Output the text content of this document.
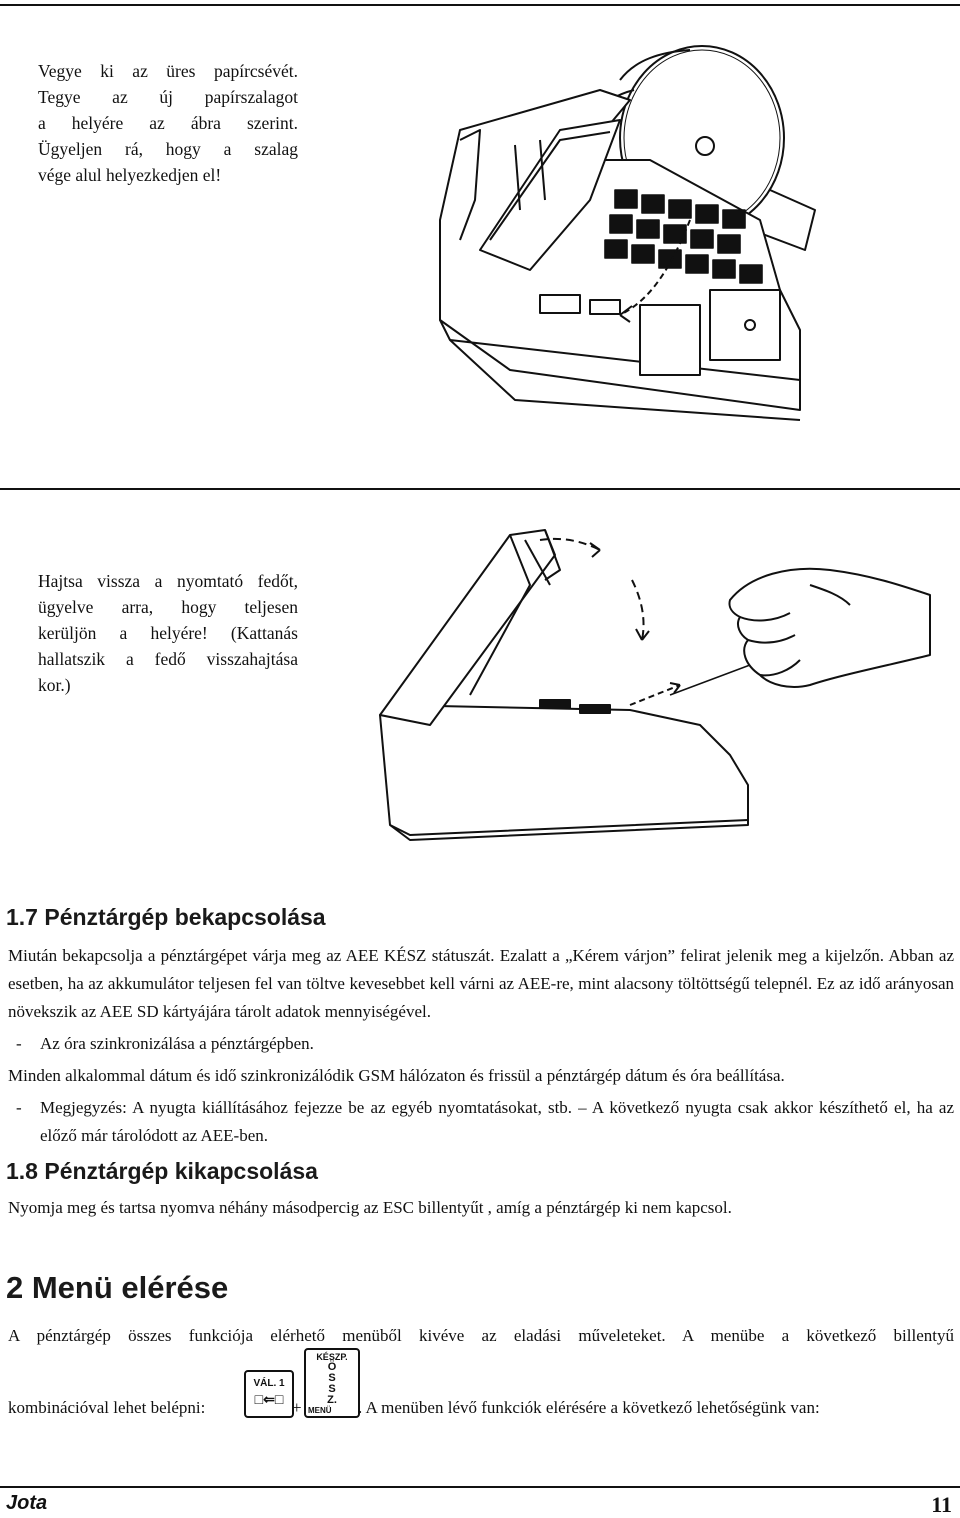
Vegye ki az üres papírcsévét.
Tegye az új papírszalagot
a helyére az ábra szerint.
Ügyeljen rá, hogy a szalag
vége alul helyezkedjen el!
Hajtsa vissza a nyomtató fedőt,
ügyelve arra, hogy teljesen
kerüljön a helyére! (Kattanás
hallatszik a fedő visszahajtása
kor.)
1.7 Pénztárgép bekapcsolása

Miután bekapcsolja a pénztárgépet várja meg az AEE KÉSZ státuszát. Ezalatt a „Kérem várjon” felirat jelenik meg a kijelzőn. Abban az esetben, ha az akkumulátor teljesen fel van töltve kevesebbet kell várni az AEE-re, mint alacsony töltöttségű telepnél. Ez az idő arányosan növekszik az AEE SD kártyájára tárolt adatok mennyiségével.

-	Az óra szinkronizálása a pénztárgépben.

Minden alkalommal dátum és idő szinkronizálódik GSM hálózaton és frissül a pénztárgép dátum és óra beállítása.

-	Megjegyzés: A nyugta kiállításához fejezze be az egyéb nyomtatásokat, stb. – A következő nyugta csak akkor készíthető el, ha az előző már tárolódott az AEE-ben.
1.8 Pénztárgép kikapcsolása

Nyomja meg és tartsa nyomva néhány másodpercig az ESC billentyűt , amíg a pénztárgép ki nem kapcsol.

2 Menü elérése

A pénztárgép összes funkciója elérhető menüből kivéve az eladási műveleteket. A menübe a következő billentyű

kombinációval lehet belépni:
VÁL. 1
□⇐□ +
KÉSZP.
Ö
S
S
Z.
MENÜ	. A menüben lévő funkciók elérésére a következő lehetőségünk van:
Jota	11
